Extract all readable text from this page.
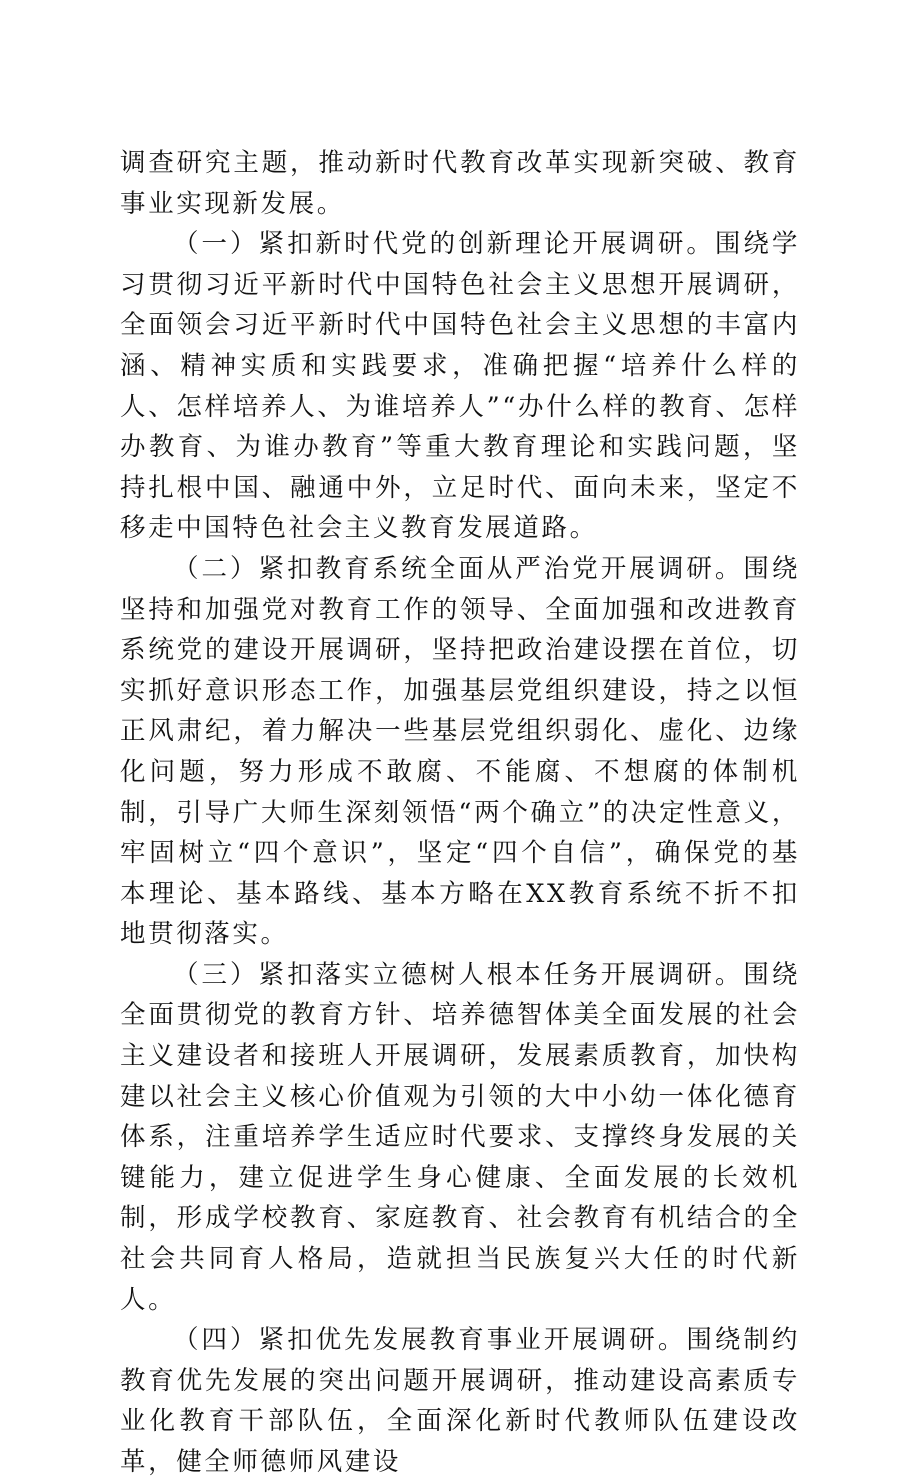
调查研究主题，推动新时代教育改革实现新突破、教育事业实现新发展。

（一）紧扣新时代党的创新理论开展调研。围绕学习贯彻习近平新时代中国特色社会主义思想开展调研，全面领会习近平新时代中国特色社会主义思想的丰富内涵、精神实质和实践要求，准确把握“培养什么样的人、怎样培养人、为谁培养人”“办什么样的教育、怎样办教育、为谁办教育”等重大教育理论和实践问题，坚持扎根中国、融通中外，立足时代、面向未来，坚定不移走中国特色社会主义教育发展道路。

（二）紧扣教育系统全面从严治党开展调研。围绕坚持和加强党对教育工作的领导、全面加强和改进教育系统党的建设开展调研，坚持把政治建设摆在首位，切实抓好意识形态工作，加强基层党组织建设，持之以恒正风肃纪，着力解决一些基层党组织弱化、虚化、边缘化问题，努力形成不敢腐、不能腐、不想腐的体制机制，引导广大师生深刻领悟“两个确立”的决定性意义，牢固树立“四个意识”，坚定“四个自信”，确保党的基本理论、基本路线、基本方略在XX教育系统不折不扣地贯彻落实。

（三）紧扣落实立德树人根本任务开展调研。围绕全面贯彻党的教育方针、培养德智体美全面发展的社会主义建设者和接班人开展调研，发展素质教育，加快构建以社会主义核心价值观为引领的大中小幼一体化德育体系，注重培养学生适应时代要求、支撑终身发展的关键能力，建立促进学生身心健康、全面发展的长效机制，形成学校教育、家庭教育、社会教育有机结合的全社会共同育人格局，造就担当民族复兴大任的时代新人。

（四）紧扣优先发展教育事业开展调研。围绕制约教育优先发展的突出问题开展调研，推动建设高素质专业化教育干部队伍，全面深化新时代教师队伍建设改革，健全师德师风建设
